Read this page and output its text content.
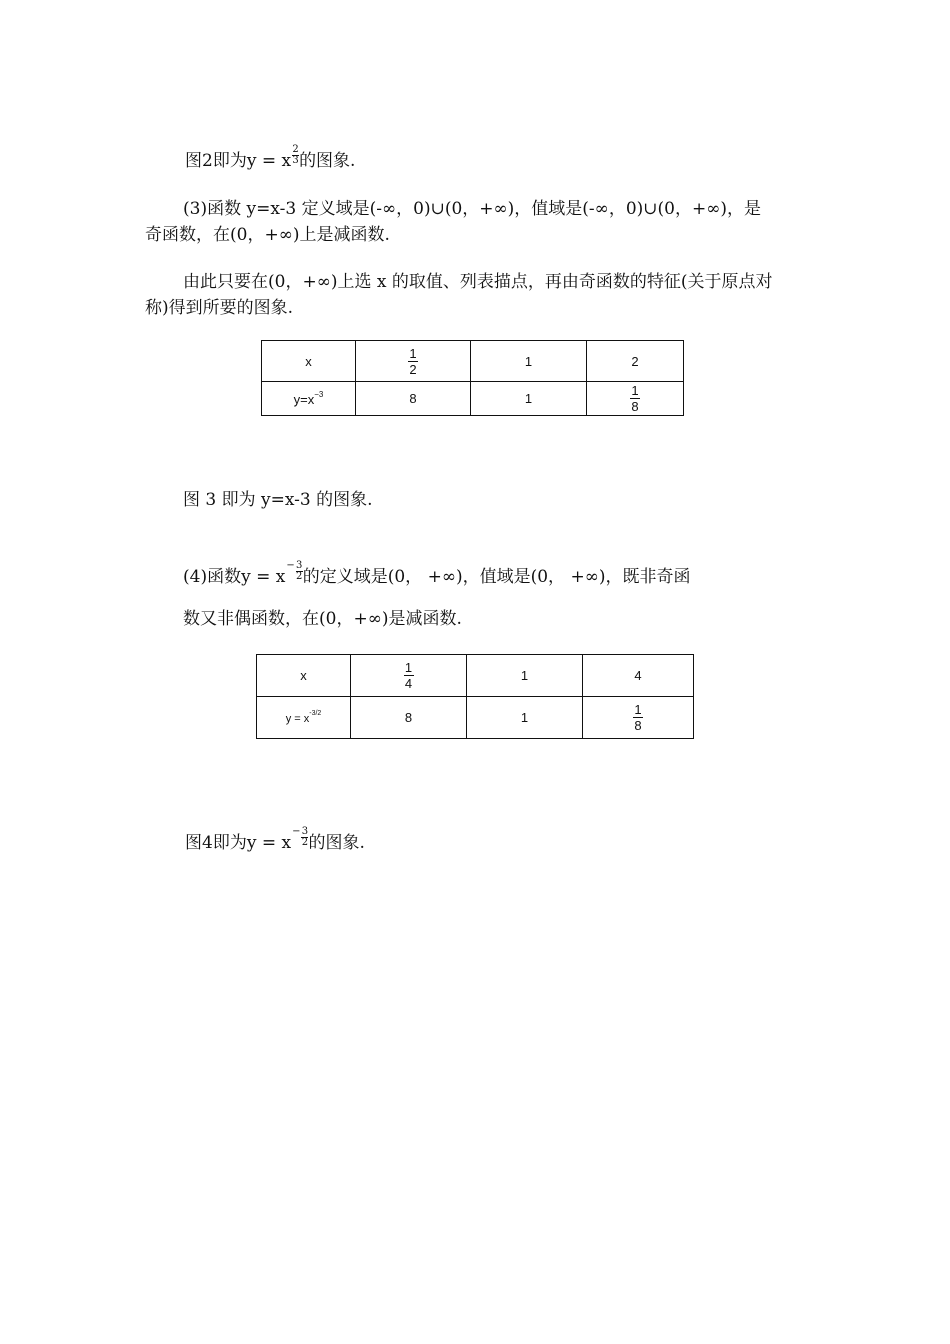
图2即为y = x $\frac{2}{3}$ 的图象.
(3)函数 y=x-3 定义域是(-∞，0)∪(0，+∞)，值域是(-∞，0)∪(0，+∞)，是
奇函数，在(0，+∞)上是减函数.
由此只要在(0，+∞)上选 x 的取值、列表描点，再由奇函数的特征(关于原点对
称)得到所要的图象.
x	$\frac{1}{2}$	1	2
$y=x^{-3}$	8	1	$\frac{1}{8}$
图 3 即为 y=x-3 的图象.
(4)函数$y = x^- \frac{3}{2}$ 的定义域是(0， +∞)，值域是(0， +∞)，既非奇函
数又非偶函数，在(0，+∞)是减函数.
x	$\frac{1}{4}$	1	4
$y = x^{-3/2}$	8	1	$\frac{1}{8}$
图4即为$y = x^- \frac{3}{2}$ 的图象.
